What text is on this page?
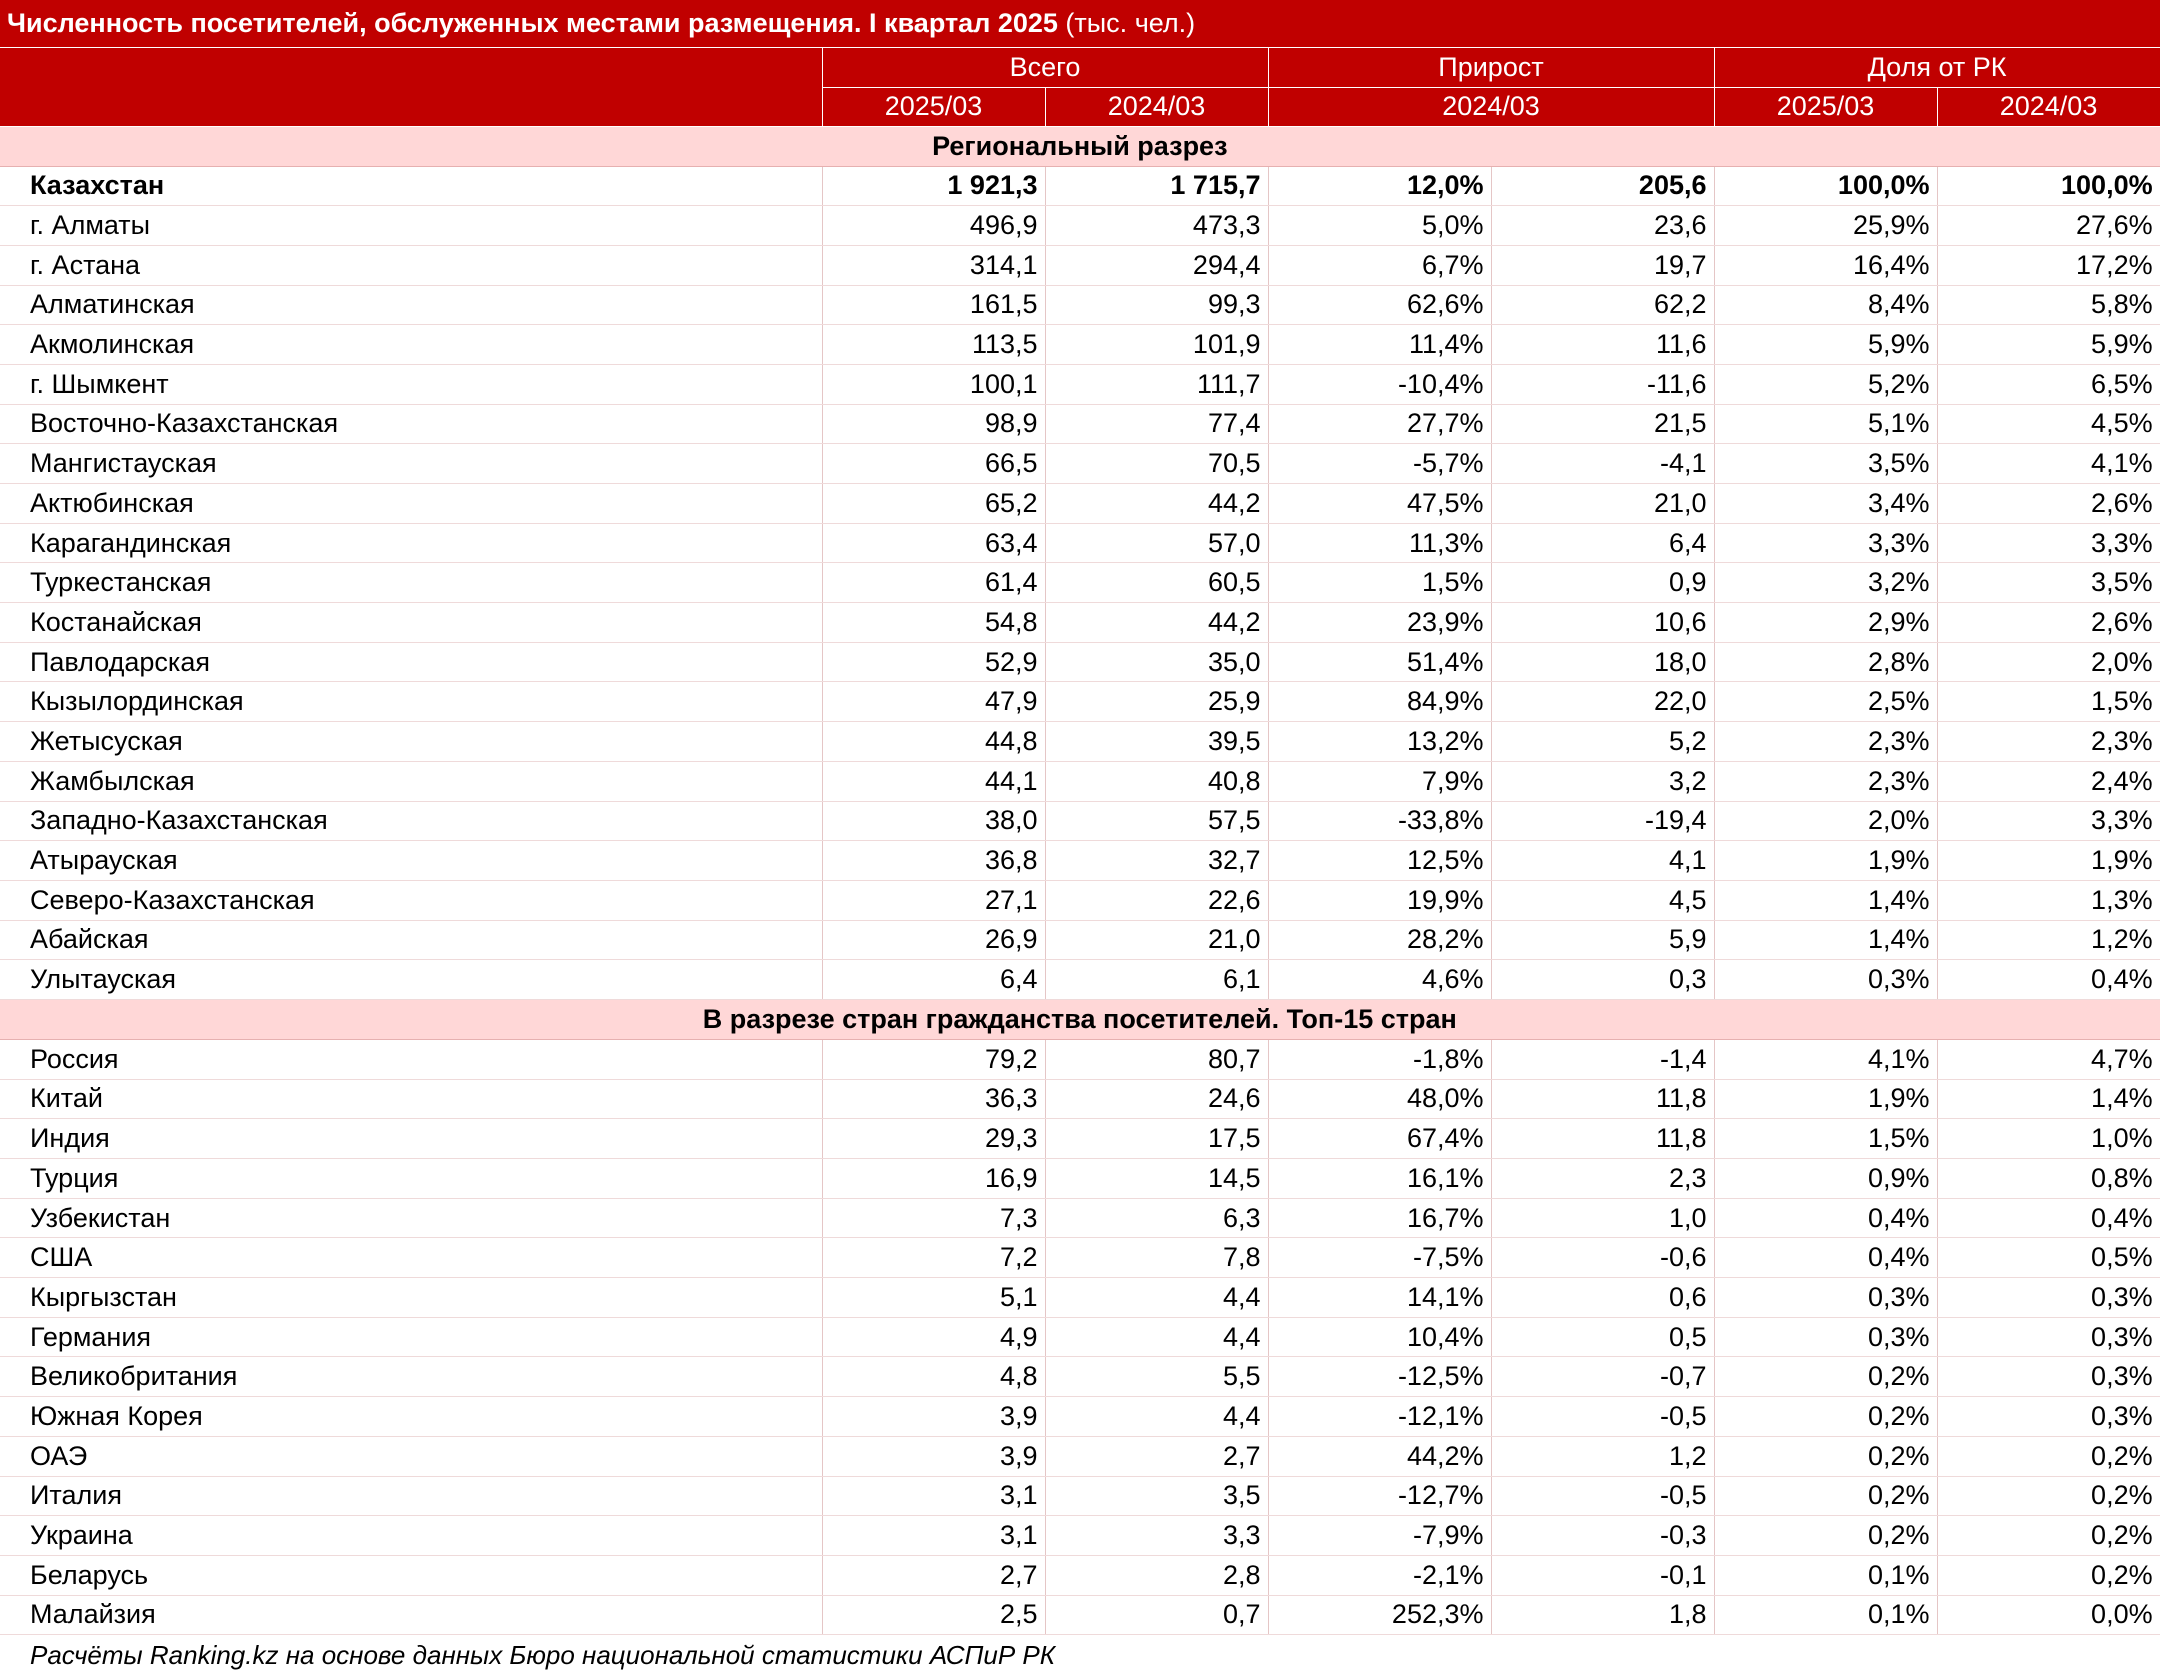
Численность посетителей, обслуженных местами размещения. I квартал 2025 (тыс. чел.)						
	Всего		Прирост		Доля от РК	
	2025/03	2024/03	2024/03		2025/03	2024/03
Региональный разрез						
Казахстан	1 921,3	1 715,7	12,0%	205,6	100,0%	100,0%
г. Алматы	496,9	473,3	5,0%	23,6	25,9%	27,6%
г. Астана	314,1	294,4	6,7%	19,7	16,4%	17,2%
Алматинская	161,5	99,3	62,6%	62,2	8,4%	5,8%
Акмолинская	113,5	101,9	11,4%	11,6	5,9%	5,9%
г. Шымкент	100,1	111,7	-10,4%	-11,6	5,2%	6,5%
Восточно-Казахстанская	98,9	77,4	27,7%	21,5	5,1%	4,5%
Мангистауская	66,5	70,5	-5,7%	-4,1	3,5%	4,1%
Актюбинская	65,2	44,2	47,5%	21,0	3,4%	2,6%
Карагандинская	63,4	57,0	11,3%	6,4	3,3%	3,3%
Туркестанская	61,4	60,5	1,5%	0,9	3,2%	3,5%
Костанайская	54,8	44,2	23,9%	10,6	2,9%	2,6%
Павлодарская	52,9	35,0	51,4%	18,0	2,8%	2,0%
Кызылординская	47,9	25,9	84,9%	22,0	2,5%	1,5%
Жетысуская	44,8	39,5	13,2%	5,2	2,3%	2,3%
Жамбылская	44,1	40,8	7,9%	3,2	2,3%	2,4%
Западно-Казахстанская	38,0	57,5	-33,8%	-19,4	2,0%	3,3%
Атырауская	36,8	32,7	12,5%	4,1	1,9%	1,9%
Северо-Казахстанская	27,1	22,6	19,9%	4,5	1,4%	1,3%
Абайская	26,9	21,0	28,2%	5,9	1,4%	1,2%
Улытауская	6,4	6,1	4,6%	0,3	0,3%	0,4%
В разрезе стран гражданства посетителей. Топ-15 стран						
Россия	79,2	80,7	-1,8%	-1,4	4,1%	4,7%
Китай	36,3	24,6	48,0%	11,8	1,9%	1,4%
Индия	29,3	17,5	67,4%	11,8	1,5%	1,0%
Турция	16,9	14,5	16,1%	2,3	0,9%	0,8%
Узбекистан	7,3	6,3	16,7%	1,0	0,4%	0,4%
США	7,2	7,8	-7,5%	-0,6	0,4%	0,5%
Кыргызстан	5,1	4,4	14,1%	0,6	0,3%	0,3%
Германия	4,9	4,4	10,4%	0,5	0,3%	0,3%
Великобритания	4,8	5,5	-12,5%	-0,7	0,2%	0,3%
Южная Корея	3,9	4,4	-12,1%	-0,5	0,2%	0,3%
ОАЭ	3,9	2,7	44,2%	1,2	0,2%	0,2%
Италия	3,1	3,5	-12,7%	-0,5	0,2%	0,2%
Украина	3,1	3,3	-7,9%	-0,3	0,2%	0,2%
Беларусь	2,7	2,8	-2,1%	-0,1	0,1%	0,2%
Малайзия	2,5	0,7	252,3%	1,8	0,1%	0,0%
Расчёты Ranking.kz на основе данных Бюро национальной статистики АСПиР РК						
